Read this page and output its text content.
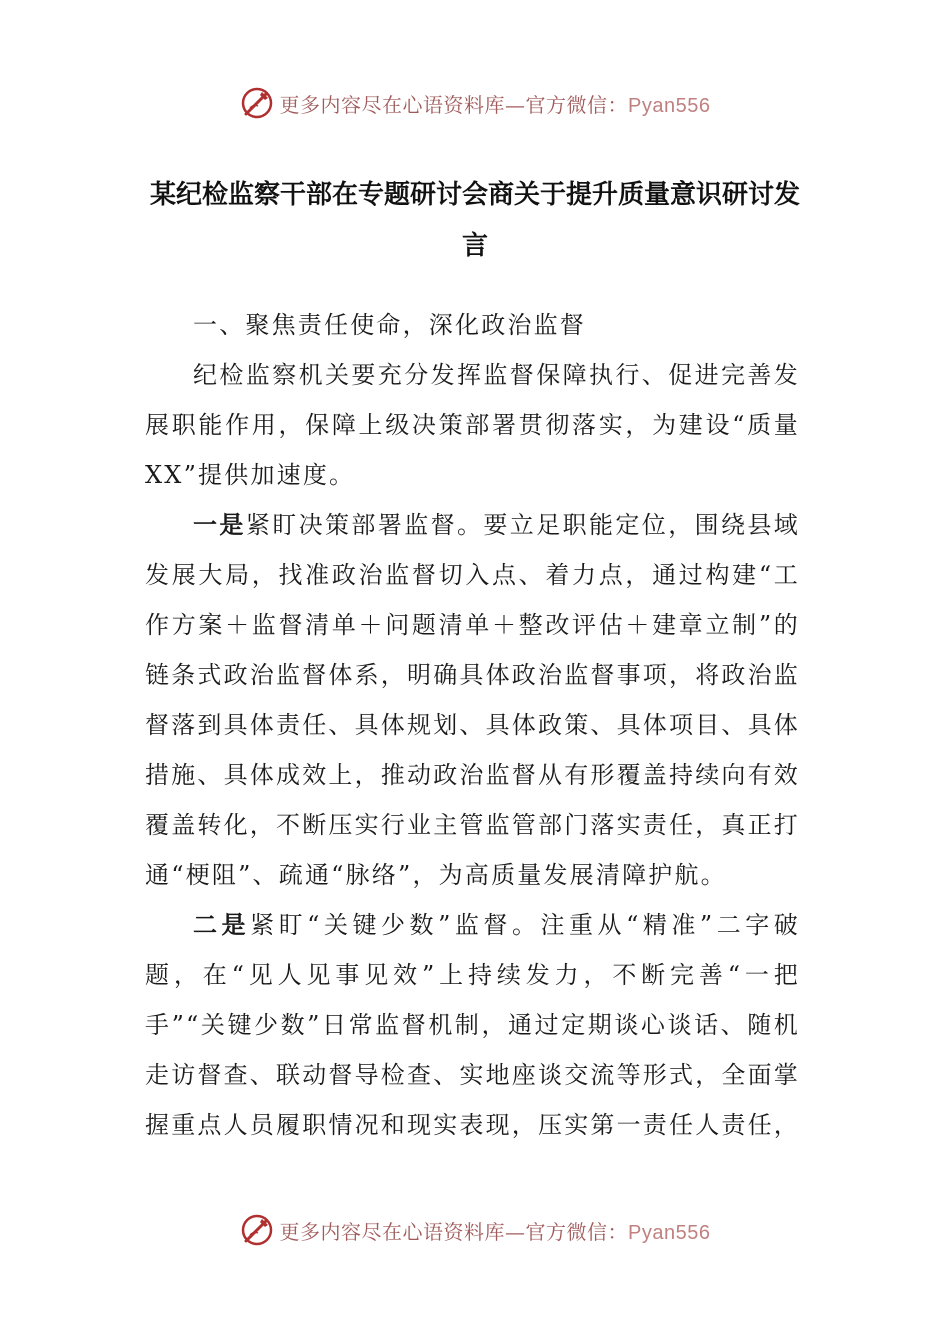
更多内容尽在心语资料库—官方微信：Pyan556
某纪检监察干部在专题研讨会商关于提升质量意识研讨发言

一、聚焦责任使命，深化政治监督

纪检监察机关要充分发挥监督保障执行、促进完善发展职能作用，保障上级决策部署贯彻落实，为建设“质量XX”提供加速度。

一是紧盯决策部署监督。要立足职能定位，围绕县域发展大局，找准政治监督切入点、着力点，通过构建“工作方案＋监督清单＋问题清单＋整改评估＋建章立制”的链条式政治监督体系，明确具体政治监督事项，将政治监督落到具体责任、具体规划、具体政策、具体项目、具体措施、具体成效上，推动政治监督从有形覆盖持续向有效覆盖转化，不断压实行业主管监管部门落实责任，真正打通“梗阻”、疏通“脉络”，为高质量发展清障护航。

二是紧盯“关键少数”监督。注重从“精准”二字破题，在“见人见事见效”上持续发力，不断完善“一把手”“关键少数”日常监督机制，通过定期谈心谈话、随机走访督查、联动督导检查、实地座谈交流等形式，全面掌握重点人员履职情况和现实表现，压实第一责任人责任，

更多内容尽在心语资料库—官方微信：Pyan556
